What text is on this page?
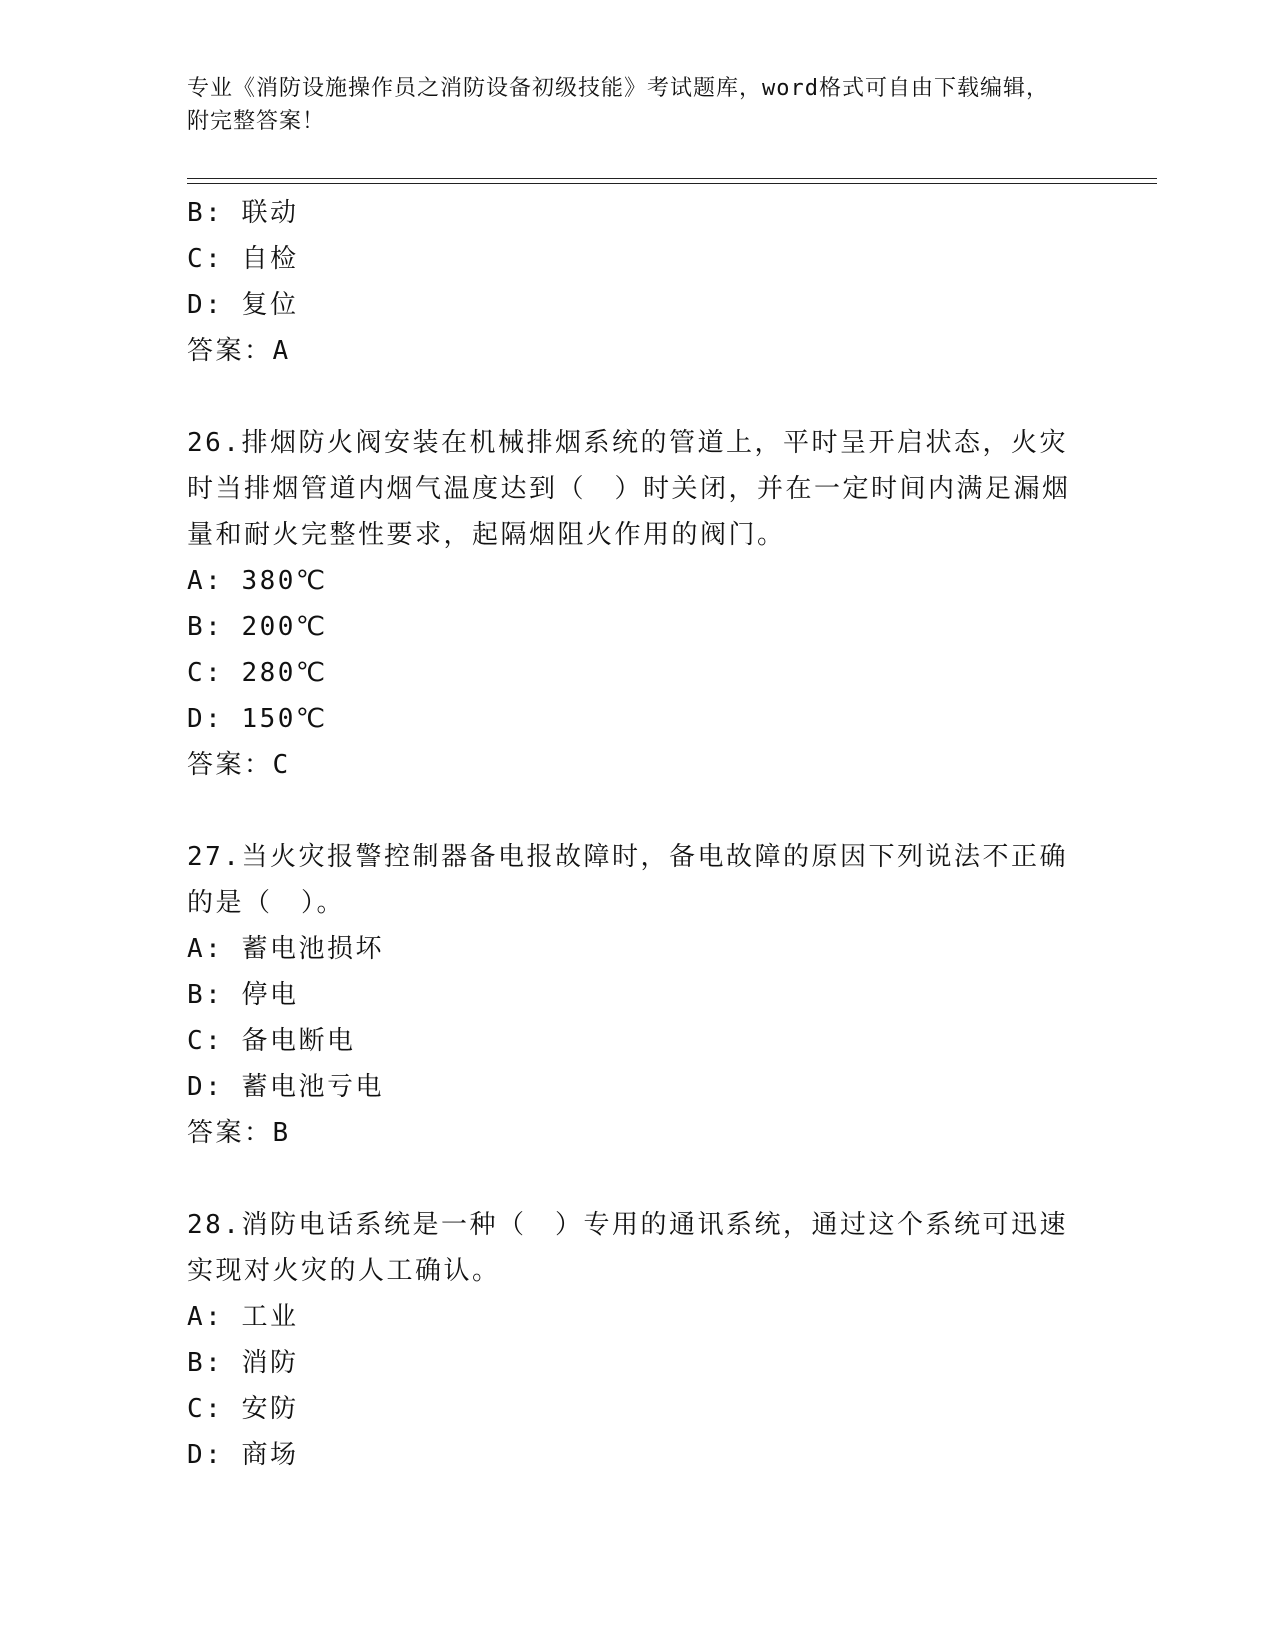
专业《消防设施操作员之消防设备初级技能》考试题库，word格式可自由下载编辑，附完整答案！
B: 联动
C: 自检
D: 复位
答案：A
26.排烟防火阀安装在机械排烟系统的管道上，平时呈开启状态，火灾时当排烟管道内烟气温度达到（　）时关闭，并在一定时间内满足漏烟量和耐火完整性要求，起隔烟阻火作用的阀门。
A: 380℃
B: 200℃
C: 280℃
D: 150℃
答案：C
27.当火灾报警控制器备电报故障时，备电故障的原因下列说法不正确的是（　）。
A: 蓄电池损坏
B: 停电
C: 备电断电
D: 蓄电池亏电
答案：B
28.消防电话系统是一种（　）专用的通讯系统，通过这个系统可迅速实现对火灾的人工确认。
A: 工业
B: 消防
C: 安防
D: 商场
